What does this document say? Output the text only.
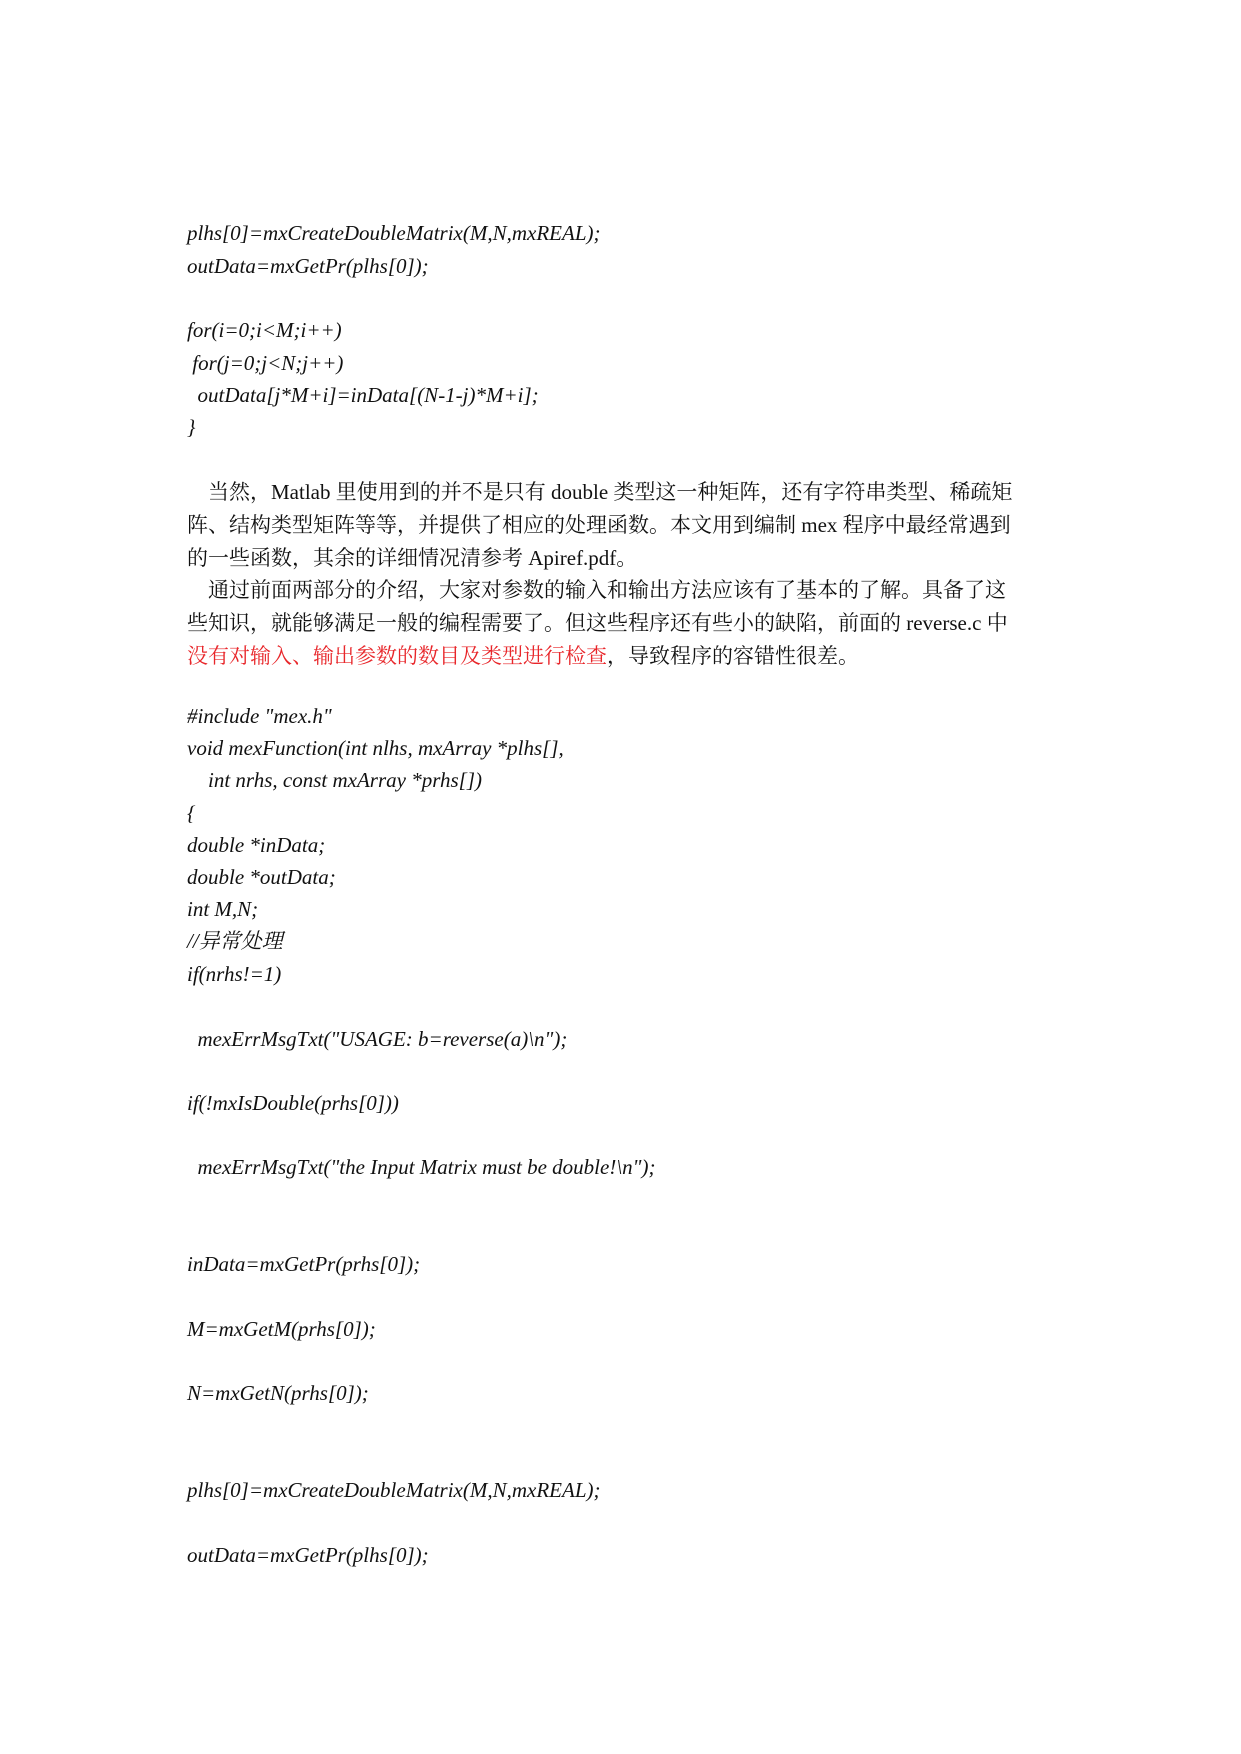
plhs[0]=mxCreateDoubleMatrix(M,N,mxREAL);
outData=mxGetPr(plhs[0]);
for(i=0;i<M;i++)
for(j=0;j<N;j++)
outData[j*M+i]=inData[(N-1-j)*M+i];
}
　当然，Matlab 里使用到的并不是只有 double 类型这一种矩阵，还有字符串类型、稀疏矩
阵、结构类型矩阵等等，并提供了相应的处理函数。本文用到编制 mex 程序中最经常遇到
的一些函数，其余的详细情况清参考 Apiref.pdf。
　通过前面两部分的介绍，大家对参数的输入和输出方法应该有了基本的了解。具备了这
些知识，就能够满足一般的编程需要了。但这些程序还有些小的缺陷，前面的 reverse.c 中
没有对输入、输出参数的数目及类型进行检查，导致程序的容错性很差。
#include "mex.h"
void mexFunction(int nlhs, mxArray *plhs[],
int nrhs, const mxArray *prhs[])
{
double *inData;
double *outData;
int M,N;
//异常处理
if(nrhs!=1)
mexErrMsgTxt("USAGE: b=reverse(a)\n");
if(!mxIsDouble(prhs[0]))
mexErrMsgTxt("the Input Matrix must be double!\n");
inData=mxGetPr(prhs[0]);
M=mxGetM(prhs[0]);
N=mxGetN(prhs[0]);
plhs[0]=mxCreateDoubleMatrix(M,N,mxREAL);
outData=mxGetPr(plhs[0]);
